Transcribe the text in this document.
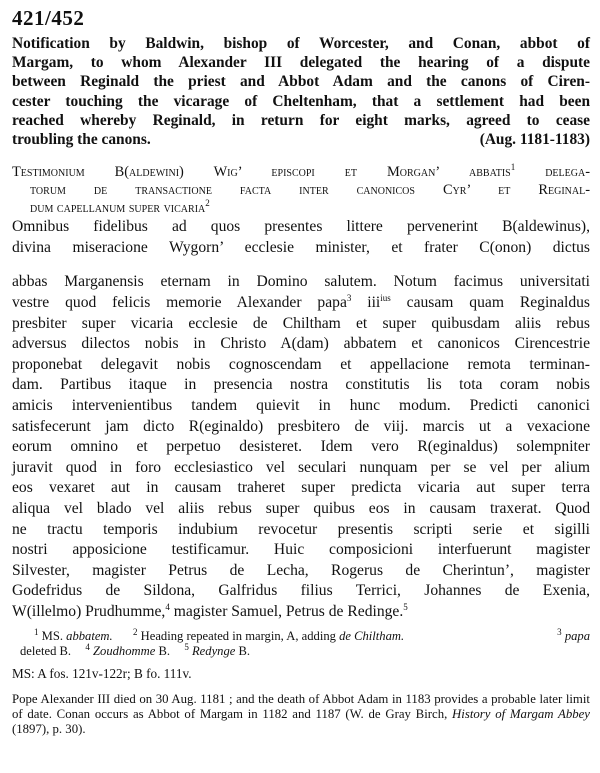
421/452
Notification by Baldwin, bishop of Worcester, and Conan, abbot of
Margam, to whom Alexander III delegated the hearing of a dispute
between Reginald the priest and Abbot Adam and the canons of Ciren-
cester touching the vicarage of Cheltenham, that a settlement had been
reached whereby Reginald, in return for eight marks, agreed to cease
troubling the canons.	(Aug. 1181-1183)
Testimonium B(aldewini) Wig’ episcopi et Morgan’ abbatis$^1$ delega-
torum de transactione facta inter canonicos Cyr’ et Reginal-
dum capellanum super vicaria$^2$
Omnibus fidelibus ad quos presentes littere pervenerint B(aldewinus),
divina miseracione Wygorn’ ecclesie minister, et frater C(onon) dictus
abbas Marganensis eternam in Domino salutem. Notum facimus universitati
vestre quod felicis memorie Alexander papa$^3$ iii$^{ius}$ causam quam Reginaldus
presbiter super vicaria ecclesie de Chiltham et super quibusdam aliis rebus
adversus dilectos nobis in Christo A(dam) abbatem et canonicos Cirencestrie
proponebat delegavit nobis cognoscendam et appellacione remota terminan-
dam. Partibus itaque in presencia nostra constitutis lis tota coram nobis
amicis intervenientibus tandem quievit in hunc modum. Predicti canonici
satisfecerunt jam dicto R(eginaldo) presbitero de viij. marcis ut a vexacione
eorum omnino et perpetuo desisteret. Idem vero R(eginaldus) solempniter
juravit quod in foro ecclesiastico vel seculari nunquam per se vel per alium
eos vexaret aut in causam traheret super predicta vicaria aut super terra
aliqua vel blado vel aliis rebus super quibus eos in causam traxerat. Quod
ne tractu temporis indubium revocetur presentis scripti serie et sigilli
nostri apposicione testificamur. Huic composicioni interfuerunt magister
Silvester, magister Petrus de Lecha, Rogerus de Cherintun’, magister
Godefridus de Sildona, Galfridus filius Terrici, Johannes de Exenia,
W(illelmo) Prudhumme,$^4$ magister Samuel, Petrus de Redinge.$^5$
$^1$ MS. abbatem. $^2$ Heading repeated in margin, A, adding de Chiltham.	$^3$ papa
deleted B. $^4$ Zoudhomme B. $^5$ Redynge B.
MS: A fos. 121v-122r; B fo. 111v.
Pope Alexander III died on 30 Aug. 1181 ; and the death of Abbot Adam in 1183 provides a probable later limit of date. Conan occurs as Abbot of Margam in 1182 and 1187 (W. de Gray Birch, History of Margam Abbey (1897), p. 30).
